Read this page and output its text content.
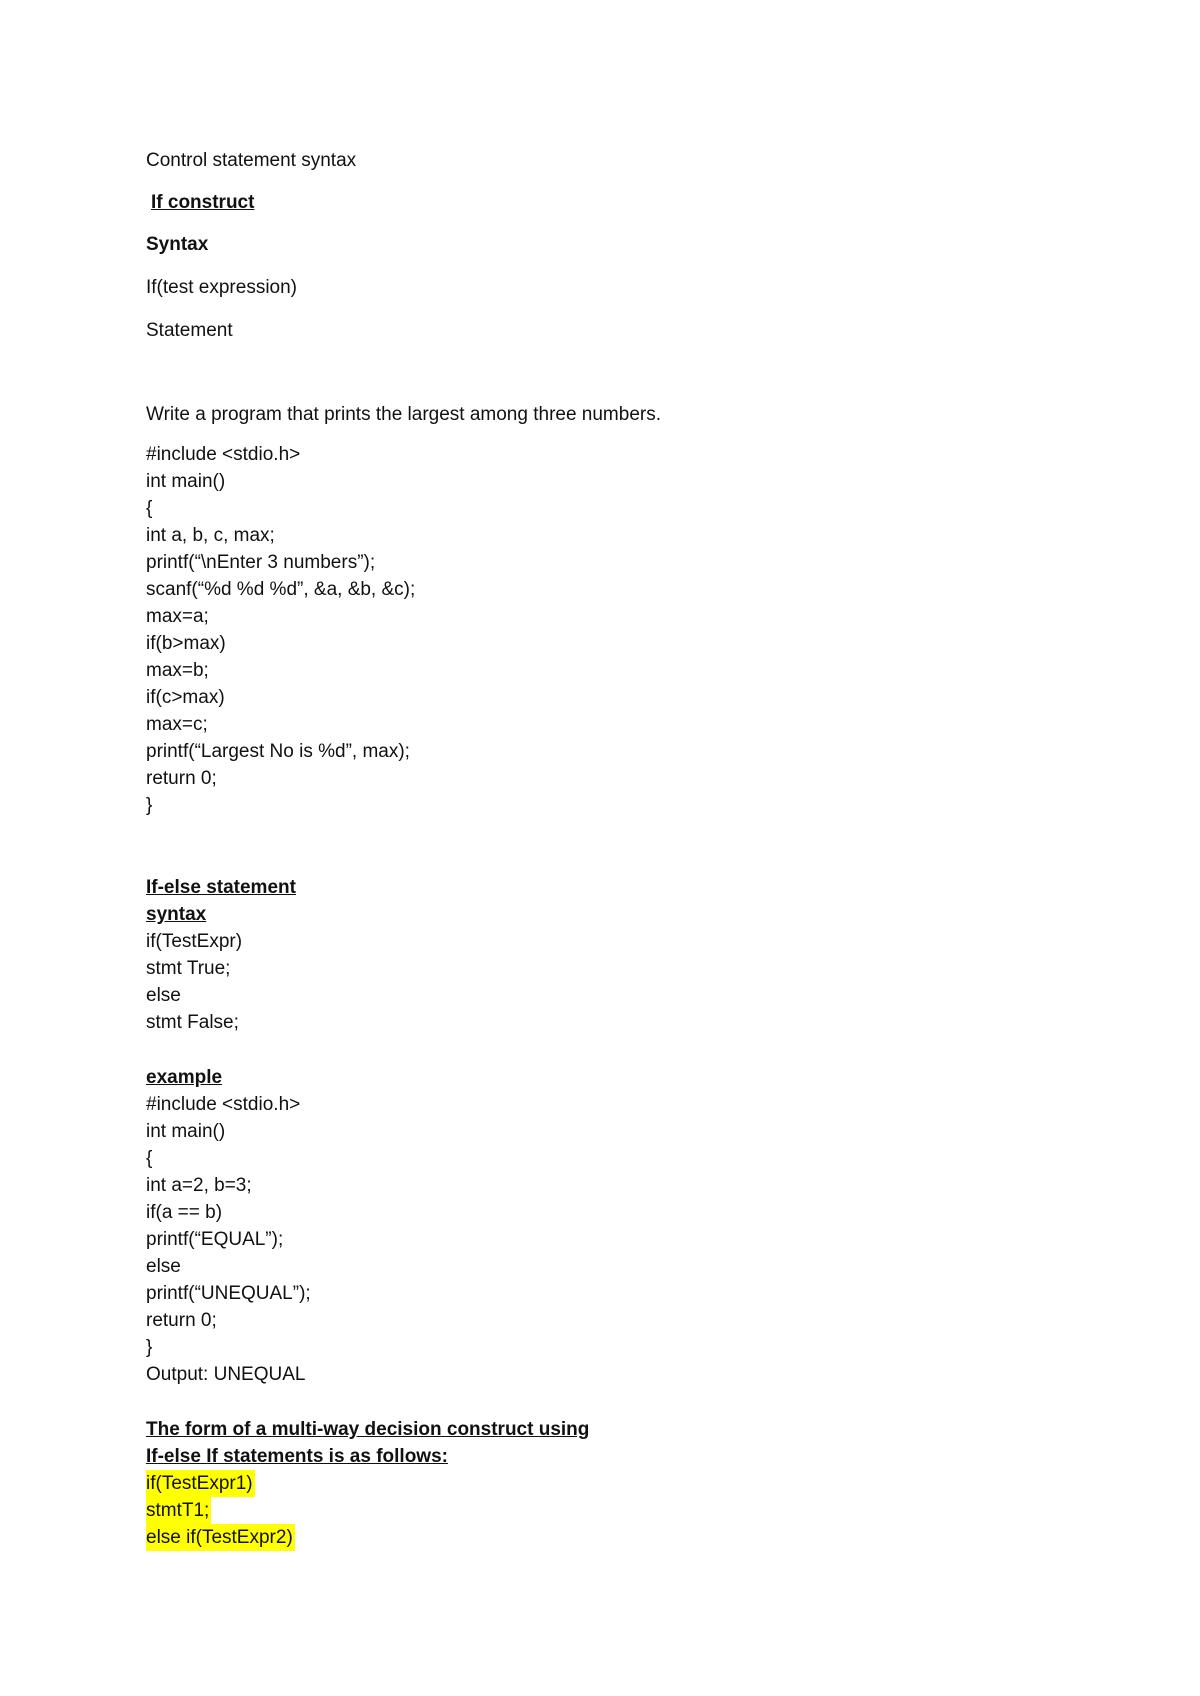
Control statement syntax

If construct

Syntax

If(test expression)

Statement

Write a program that prints the largest among three numbers.

#include <stdio.h>

int main()

{

int a, b, c, max;

printf(“\nEnter 3 numbers”);

scanf(“%d %d %d”, &a, &b, &c);

max=a;

if(b>max)

max=b;

if(c>max)

max=c;

printf(“Largest No is %d”, max);

return 0;

}

If-else statement

syntax

if(TestExpr)

stmt True;

else

stmt False;

example

#include <stdio.h>

int main()

{

int a=2, b=3;

if(a == b)

printf(“EQUAL”);

else

printf(“UNEQUAL”);

return 0;

}

Output: UNEQUAL

The form of a multi-way decision construct using

If-else If statements is as follows:

if(TestExpr1)

stmtT1;

else if(TestExpr2)
